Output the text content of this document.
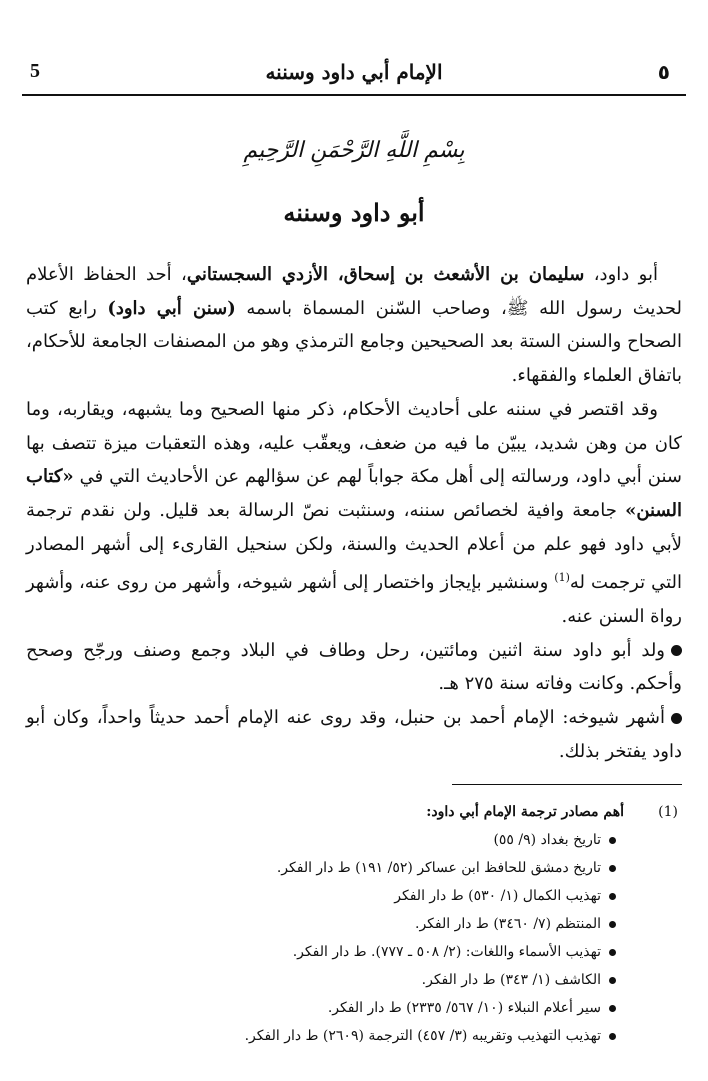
5	الإمام أبي داود وسننه	٥
بِسْمِ اللَّهِ الرَّحْمَنِ الرَّحِيمِ
أبو داود وسننه

أبو داود، سليمان بن الأشعث بن إسحاق، الأزدي السجستاني، أحد الحفاظ الأعلام لحديث رسول الله ﷺ، وصاحب السّنن المسماة باسمه (سنن أبي داود) رابع كتب الصحاح والسنن الستة بعد الصحيحين وجامع الترمذي وهو من المصنفات الجامعة للأحكام، باتفاق العلماء والفقهاء.

وقد اقتصر في سننه على أحاديث الأحكام، ذكر منها الصحيح وما يشبهه، ويقاربه، وما كان من وهن شديد، يبيّن ما فيه من ضعف، ويعقّب عليه، وهذه التعقبات ميزة تتصف بها سنن أبي داود، ورسالته إلى أهل مكة جواباً لهم عن سؤالهم عن الأحاديث التي في «كتاب السنن» جامعة وافية لخصائص سننه، وسنثبت نصّ الرسالة بعد قليل. ولن نقدم ترجمة لأبي داود فهو علم من أعلام الحديث والسنة، ولكن سنحيل القارىء إلى أشهر المصادر التي ترجمت له$^{(1)}$ وسنشير بإيجاز واختصار إلى أشهر شيوخه، وأشهر من روى عنه، وأشهر رواة السنن عنه.

ولد أبو داود سنة اثنين ومائتين، رحل وطاف في البلاد وجمع وصنف ورجّح وصحح وأحكم. وكانت وفاته سنة ٢٧٥ هـ.

أشهر شيوخه: الإمام أحمد بن حنبل، وقد روى عنه الإمام أحمد حديثاً واحداً، وكان أبو داود يفتخر بذلك.

(1)
أهم مصادر ترجمة الإمام أبي داود:
تاريخ بغداد (٩/ ٥٥)
تاريخ دمشق للحافظ ابن عساكر (٥٢/ ١٩١) ط دار الفكر.
تهذيب الكمال (١/ ٥٣٠) ط دار الفكر
المنتظم (٧/ ٣٤٦٠) ط دار الفكر.
تهذيب الأسماء واللغات: (٢/ ٥٠٨ ـ ٧٧٧). ط دار الفكر.
الكاشف (١/ ٣٤٣) ط دار الفكر.
سير أعلام النبلاء (١٠/ ٥٦٧/ ٢٣٣٥) ط دار الفكر.
تهذيب التهذيب وتقريبه (٣/ ٤٥٧) الترجمة (٢٦٠٩) ط دار الفكر.
